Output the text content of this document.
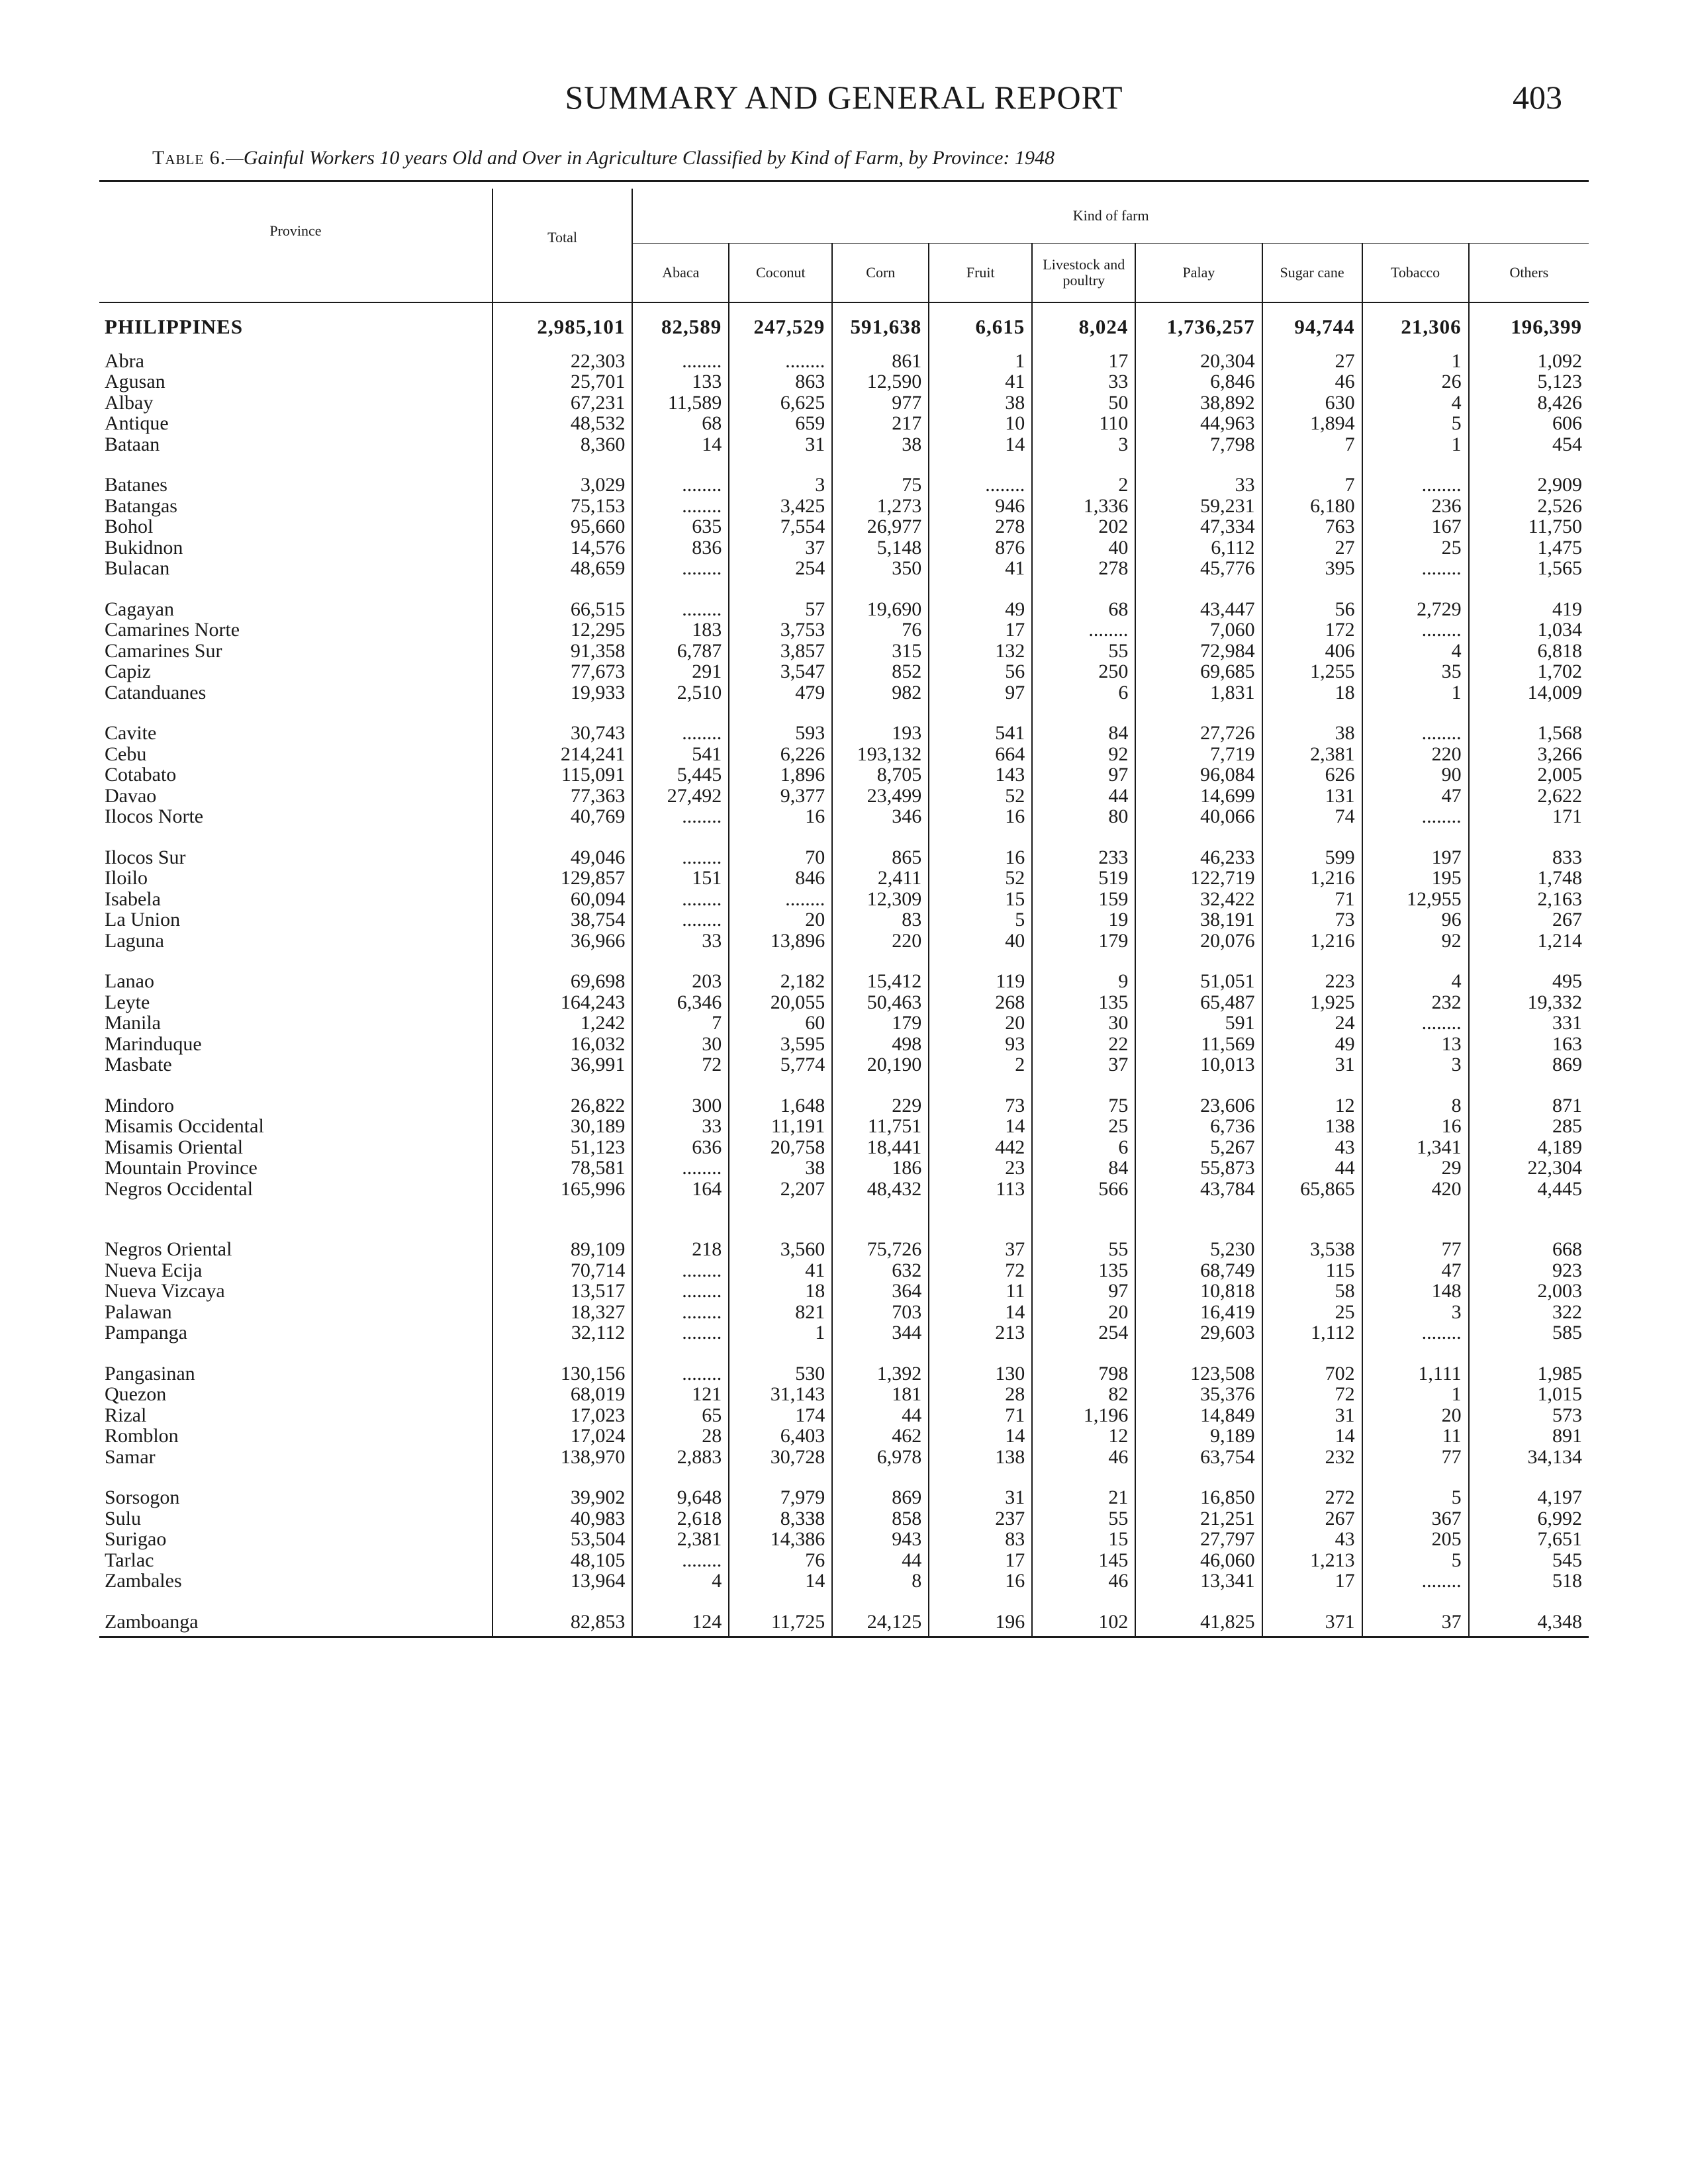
SUMMARY AND GENERAL REPORT	403
Table 6.—Gainful Workers 10 years Old and Over in Agriculture Classified by Kind of Farm, by Province: 1948
Province	Total	Kind of farm								
		Abaca	Coconut	Corn	Fruit	Livestock and poultry	Palay	Sugar cane	Tobacco	Others
PHILIPPINES	2,985,101	82,589	247,529	591,638	6,615	8,024	1,736,257	94,744	21,306	196,399
Abra	22,303	........	........	861	1	17	20,304	27	1	1,092
Agusan	25,701	133	863	12,590	41	33	6,846	46	26	5,123
Albay	67,231	11,589	6,625	977	38	50	38,892	630	4	8,426
Antique	48,532	68	659	217	10	110	44,963	1,894	5	606
Bataan	8,360	14	31	38	14	3	7,798	7	1	454

Batanes	3,029	........	3	75	........	2	33	7	........	2,909
Batangas	75,153	........	3,425	1,273	946	1,336	59,231	6,180	236	2,526
Bohol	95,660	635	7,554	26,977	278	202	47,334	763	167	11,750
Bukidnon	14,576	836	37	5,148	876	40	6,112	27	25	1,475
Bulacan	48,659	........	254	350	41	278	45,776	395	........	1,565

Cagayan	66,515	........	57	19,690	49	68	43,447	56	2,729	419
Camarines Norte	12,295	183	3,753	76	17	........	7,060	172	........	1,034
Camarines Sur	91,358	6,787	3,857	315	132	55	72,984	406	4	6,818
Capiz	77,673	291	3,547	852	56	250	69,685	1,255	35	1,702
Catanduanes	19,933	2,510	479	982	97	6	1,831	18	1	14,009

Cavite	30,743	........	593	193	541	84	27,726	38	........	1,568
Cebu	214,241	541	6,226	193,132	664	92	7,719	2,381	220	3,266
Cotabato	115,091	5,445	1,896	8,705	143	97	96,084	626	90	2,005
Davao	77,363	27,492	9,377	23,499	52	44	14,699	131	47	2,622
Ilocos Norte	40,769	........	16	346	16	80	40,066	74	........	171

Ilocos Sur	49,046	........	70	865	16	233	46,233	599	197	833
Iloilo	129,857	151	846	2,411	52	519	122,719	1,216	195	1,748
Isabela	60,094	........	........	12,309	15	159	32,422	71	12,955	2,163
La Union	38,754	........	20	83	5	19	38,191	73	96	267
Laguna	36,966	33	13,896	220	40	179	20,076	1,216	92	1,214

Lanao	69,698	203	2,182	15,412	119	9	51,051	223	4	495
Leyte	164,243	6,346	20,055	50,463	268	135	65,487	1,925	232	19,332
Manila	1,242	7	60	179	20	30	591	24	........	331
Marinduque	16,032	30	3,595	498	93	22	11,569	49	13	163
Masbate	36,991	72	5,774	20,190	2	37	10,013	31	3	869

Mindoro	26,822	300	1,648	229	73	75	23,606	12	8	871
Misamis Occidental	30,189	33	11,191	11,751	14	25	6,736	138	16	285
Misamis Oriental	51,123	636	20,758	18,441	442	6	5,267	43	1,341	4,189
Mountain Province	78,581	........	38	186	23	84	55,873	44	29	22,304
Negros Occidental	165,996	164	2,207	48,432	113	566	43,784	65,865	420	4,445

Negros Oriental	89,109	218	3,560	75,726	37	55	5,230	3,538	77	668
Nueva Ecija	70,714	........	41	632	72	135	68,749	115	47	923
Nueva Vizcaya	13,517	........	18	364	11	97	10,818	58	148	2,003
Palawan	18,327	........	821	703	14	20	16,419	25	3	322
Pampanga	32,112	........	1	344	213	254	29,603	1,112	........	585

Pangasinan	130,156	........	530	1,392	130	798	123,508	702	1,111	1,985
Quezon	68,019	121	31,143	181	28	82	35,376	72	1	1,015
Rizal	17,023	65	174	44	71	1,196	14,849	31	20	573
Romblon	17,024	28	6,403	462	14	12	9,189	14	11	891
Samar	138,970	2,883	30,728	6,978	138	46	63,754	232	77	34,134

Sorsogon	39,902	9,648	7,979	869	31	21	16,850	272	5	4,197
Sulu	40,983	2,618	8,338	858	237	55	21,251	267	367	6,992
Surigao	53,504	2,381	14,386	943	83	15	27,797	43	205	7,651
Tarlac	48,105	........	76	44	17	145	46,060	1,213	5	545
Zambales	13,964	4	14	8	16	46	13,341	17	........	518

Zamboanga	82,853	124	11,725	24,125	196	102	41,825	371	37	4,348
